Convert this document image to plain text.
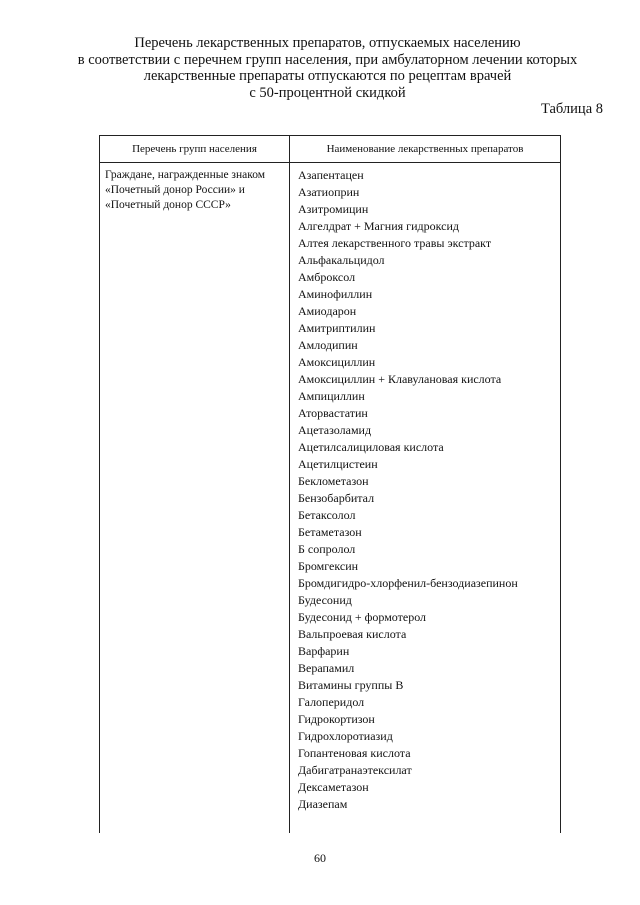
Перечень лекарственных препаратов, отпускаемых населению
в соответствии с перечнем групп населения, при амбулаторном лечении которых
лекарственные препараты отпускаются по рецептам врачей
с 50-процентной скидкой
Таблица 8
Перечень групп населения	Наименование лекарственных препаратов
Граждане, награжденные знаком «Почетный донор России» и «Почетный донор СССР»
Азапентацен
Азатиоприн
Азитромицин
Алгелдрат + Магния гидроксид
Алтея лекарственного травы экстракт
Альфакальцидол
Амброксол
Аминофиллин
Амиодарон
Амитриптилин
Амлодипин
Амоксициллин
Амоксициллин + Клавулановая кислота
Ампициллин
Аторвастатин
Ацетазоламид
Ацетилсалициловая кислота
Ацетилцистеин
Беклометазон
Бензобарбитал
Бетаксолол
Бетаметазон
Б сопролол
Бромгексин
Бромдигидро-хлорфенил-бензодиазепинон
Будесонид
Будесонид + формотерол
Вальпроевая кислота
Варфарин
Верапамил
Витамины группы В
Галоперидол
Гидрокортизон
Гидрохлоротиазид
Гопантеновая кислота
Дабигатранаэтексилат
Дексаметазон
Диазепам
60
